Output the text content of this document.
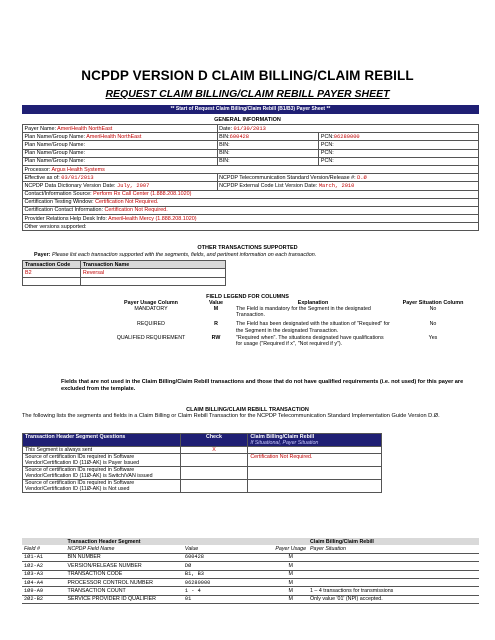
NCPDP VERSION D CLAIM BILLING/CLAIM REBILL
REQUEST CLAIM BILLING/CLAIM REBILL PAYER SHEET
** Start of Request Claim Billing/Claim Rebill (B1/B3) Payer Sheet **
GENERAL INFORMATION
Payer Name: AmeriHealth NorthEast	Date: 01/30/2013	
Plan Name/Group Name: AmeriHealth NorthEast	BIN:600428	PCN:06280000
Plan Name/Group Name:	BIN:	PCN:
Plan Name/Group Name:	BIN:	PCN:
Plan Name/Group Name:	BIN:	PCN:
Processor: Argus Health Systems		
Effective as of: 03/01/2013	NCPDP Telecommunication Standard Version/Release #: D.Ø	
NCPDP Data Dictionary Version Date: July, 2007	NCPDP External Code List Version Date: March, 2010	
Contact/Information Source: Perform Rx Call Center (1.888.208.1020)		
Certification Testing Window: Certification Not Required.		
Certification Contact Information: Certification Not Required.		
Provider Relations Help Desk Info: AmeriHealth Mercy (1.888.208.1020)		
Other versions supported:		
OTHER TRANSACTIONS SUPPORTED
Payer: Please list each transaction supported with the segments, fields, and pertinent information on each transaction.
Transaction Code	Transaction Name
B2	Reversal

FIELD LEGEND FOR COLUMNS
Payer Usage Column	Value	Explanation	Payer Situation Column
MANDATORY	M	The Field is mandatory for the Segment in the designated Transaction.	No
REQUIRED	R	The Field has been designated with the situation of "Required" for the Segment in the designated Transaction.	No
QUALIFIED REQUIREMENT	RW	"Required when". The situations designated have qualifications for usage ("Required if x", "Not required if y").	Yes
Fields that are not used in the Claim Billing/Claim Rebill transactions and those that do not have qualified requirements (i.e. not used) for this payer are excluded from the template.
CLAIM BILLING/CLAIM REBILL TRANSACTION
The following lists the segments and fields in a Claim Billing or Claim Rebill Transaction for the NCPDP Telecommunication Standard Implementation Guide Version D.Ø.
Transaction Header Segment Questions	Check	Claim Billing/Claim Rebill
If Situational, Payer Situation
This Segment is always sent	X	
Source of certification IDs required in Software Vendor/Certification ID (11Ø-AK) is Payer Issued		Certification Not Required.
Source of certification IDs required in Software Vendor/Certification ID (11Ø-AK) is Switch/VAN issued		
Source of certification IDs required in Software Vendor/Certification ID (11Ø-AK) is Not used		
	Transaction Header Segment			Claim Billing/Claim Rebill
Field #	NCPDP Field Name	Value	Payer Usage	Payer Situation
1Ø1-A1	BIN NUMBER	600428	M	
1Ø2-A2	VERSION/RELEASE NUMBER	DØ	M	
1Ø3-A3	TRANSACTION CODE	B1, B3	M	
1Ø4-A4	PROCESSOR CONTROL NUMBER	06280000	M	
1Ø9-A9	TRANSACTION COUNT	1 - 4	M	1 – 4 transactions for transmissions
2Ø2-B2	SERVICE PROVIDER ID QUALIFIER	01	M	Only value '01' (NPI) accepted.
